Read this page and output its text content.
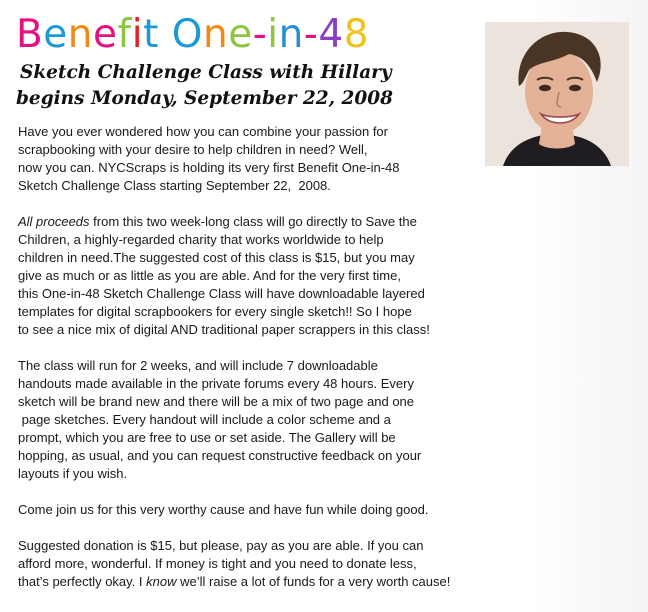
Benefit One-in-48
Sketch Challenge Class with Hillary
begins Monday, September 22, 2008

Have you ever wondered how you can combine your passion for
scrapbooking with your desire to help children in need? Well,
now you can. NYCScraps is holding its very first Benefit One-in-48
Sketch Challenge Class starting September 22,  2008.

All proceeds from this two week-long class will go directly to Save the
Children, a highly-regarded charity that works worldwide to help
children in need.The suggested cost of this class is $15, but you may
give as much or as little as you are able. And for the very first time,
this One-in-48 Sketch Challenge Class will have downloadable layered
templates for digital scrapbookers for every single sketch!! So I hope
to see a nice mix of digital AND traditional paper scrappers in this class!

The class will run for 2 weeks, and will include 7 downloadable
handouts made available in the private forums every 48 hours. Every
sketch will be brand new and there will be a mix of two page and one
page sketches. Every handout will include a color scheme and a
prompt, which you are free to use or set aside. The Gallery will be
hopping, as usual, and you can request constructive feedback on your
layouts if you wish.

Come join us for this very worthy cause and have fun while doing good.

Suggested donation is $15, but please, pay as you are able. If you can
afford more, wonderful. If money is tight and you need to donate less,
that’s perfectly okay. I know we’ll raise a lot of funds for a very worth cause!
